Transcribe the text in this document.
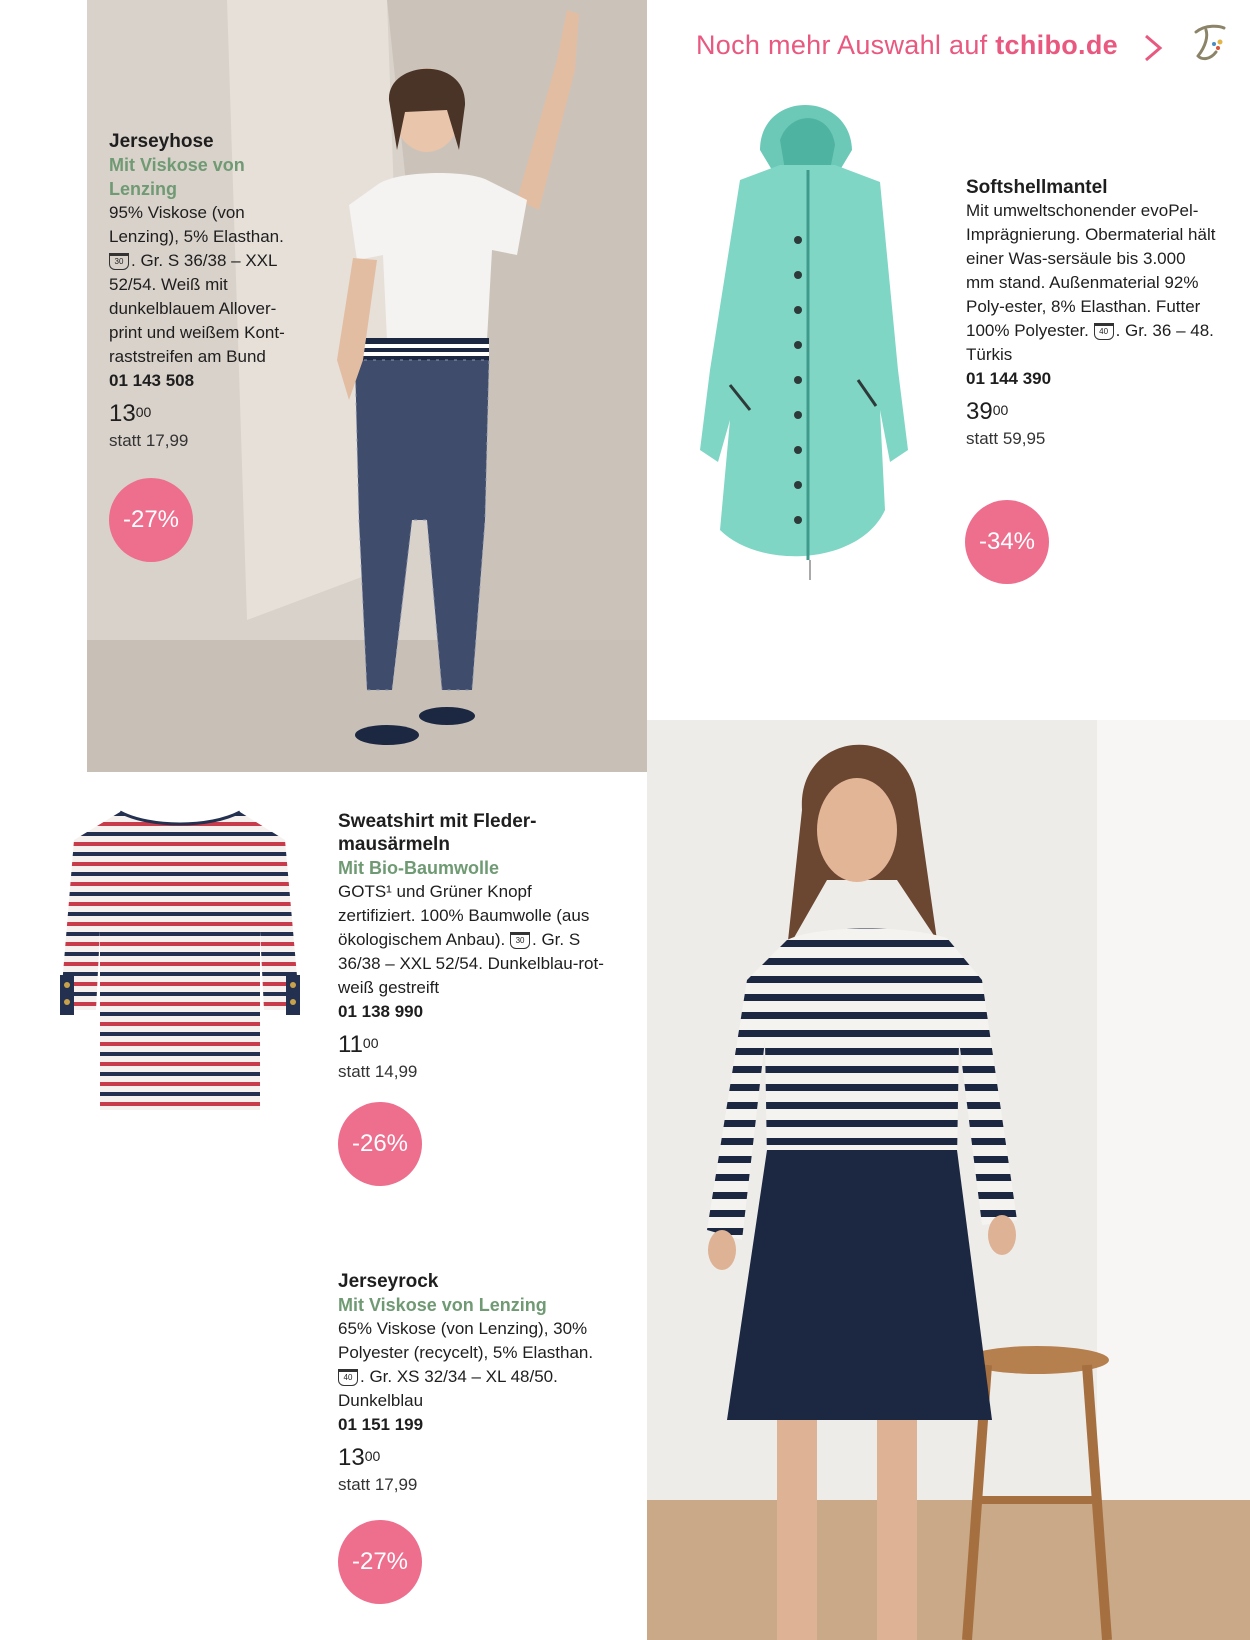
Noch mehr Auswahl auf tchibo.de

Jerseyhose

Mit Viskose von Lenzing

95% Viskose (von Lenzing), 5% Elasthan. 30 . Gr. S 36/38 – XXL 52/54. Weiß mit dunkelblauem Allover-print und weißem Kont-raststreifen am Bund

01 143 508

$13^{00}$

statt 17,99

-27%

Softshellmantel

Mit umweltschonender evoPel-Imprägnierung. Obermaterial hält einer Was-sersäule bis 3.000 mm stand. Außenmaterial 92% Poly-ester, 8% Elasthan. Futter 100% Polyester. 40 . Gr. 36 – 48. Türkis

01 144 390

$39^{00}$

statt 59,95

-34%

Sweatshirt mit Fleder-mausärmeln

Mit Bio-Baumwolle

GOTS¹ und Grüner Knopf zertifiziert. 100% Baumwolle (aus ökologischem Anbau). 30 . Gr. S 36/38 – XXL 52/54. Dunkelblau-rot-weiß gestreift

01 138 990

$11^{00}$

statt 14,99

-26%

Jerseyrock

Mit Viskose von Lenzing

65% Viskose (von Lenzing), 30% Polyester (recycelt), 5% Elasthan. 40 . Gr. XS 32/34 – XL 48/50. Dunkelblau

01 151 199

$13^{00}$

statt 17,99

-27%
